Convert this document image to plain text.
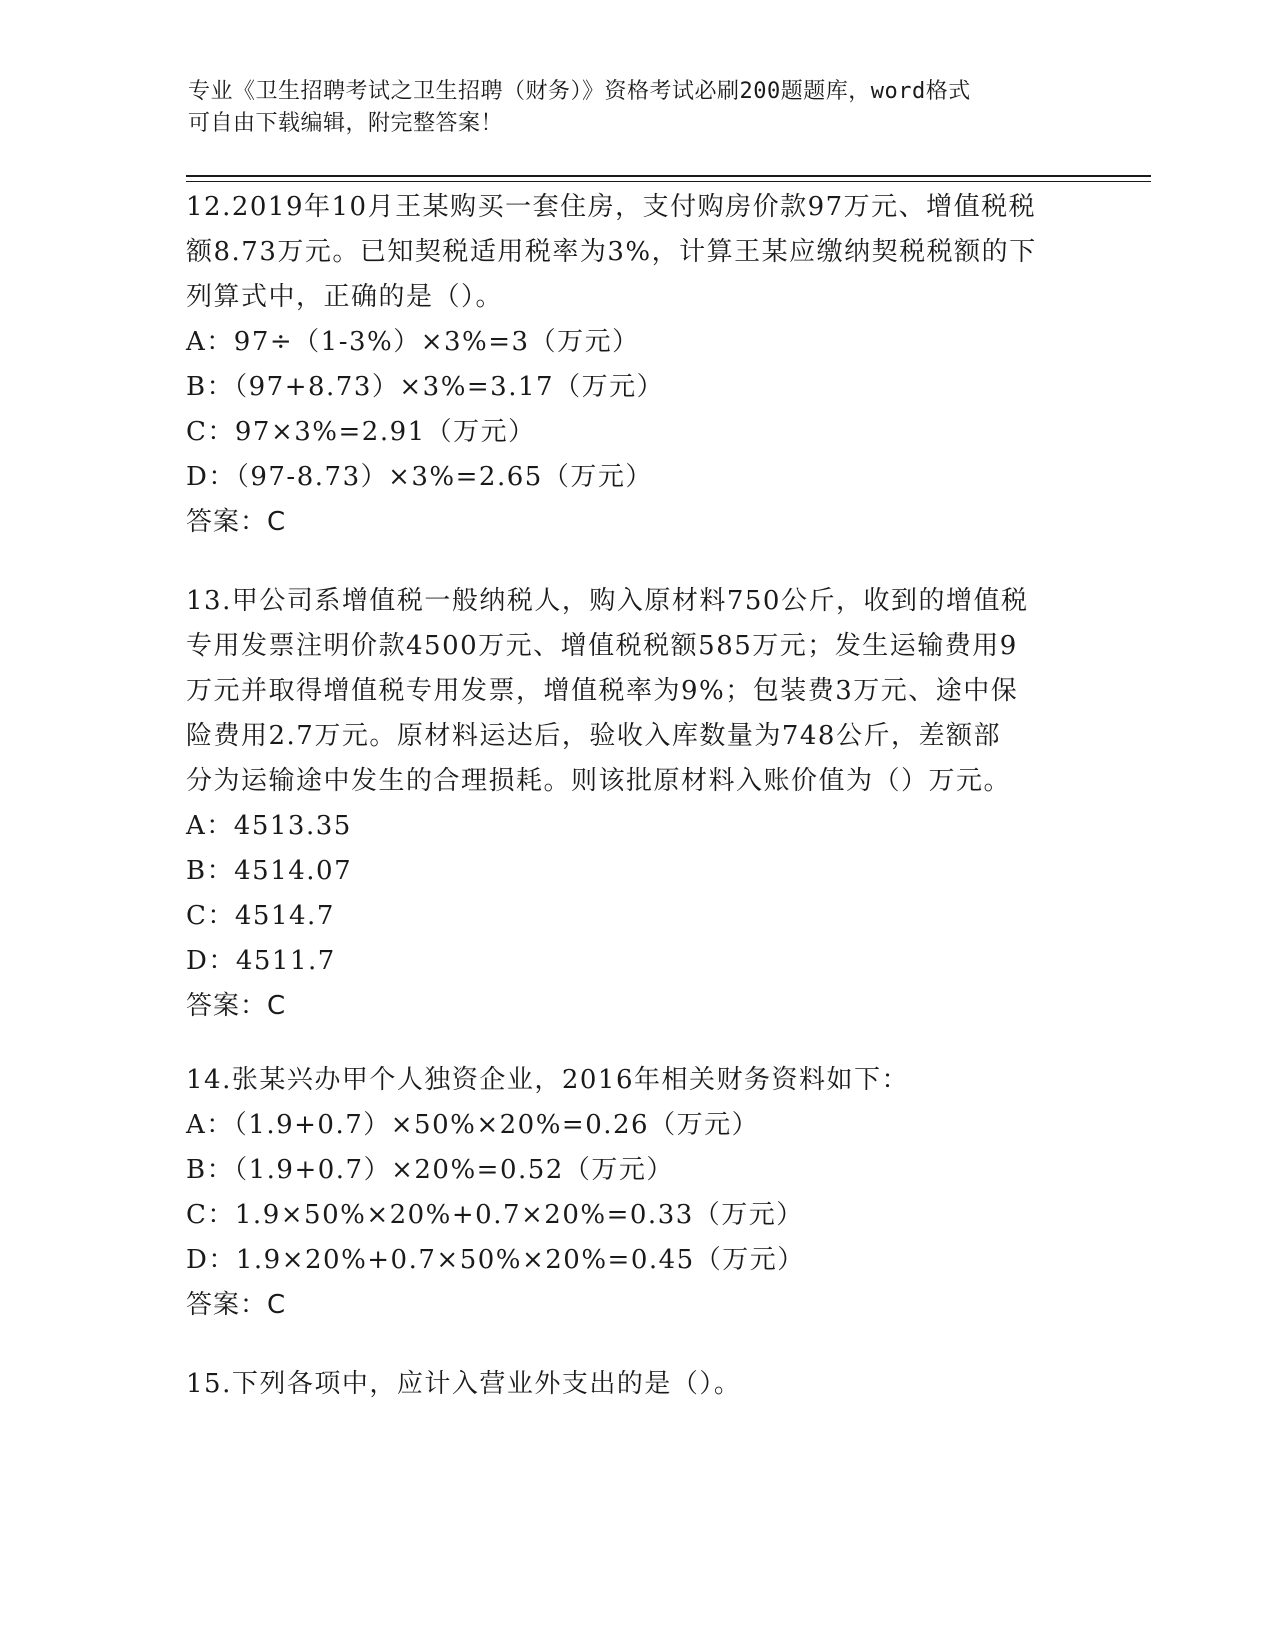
专业《卫生招聘考试之卫生招聘（财务）》资格考试必刷200题题库，word格式
可自由下载编辑，附完整答案！

12.2019年10月王某购买一套住房，支付购房价款97万元、增值税税

额8.73万元。已知契税适用税率为3%，计算王某应缴纳契税税额的下

列算式中，正确的是（）。

A：97÷（1-3%）×3%=3（万元）

B：（97+8.73）×3%=3.17（万元）

C：97×3%=2.91（万元）

D：（97-8.73）×3%=2.65（万元）

答案：C

13.甲公司系增值税一般纳税人，购入原材料750公斤，收到的增值税

专用发票注明价款4500万元、增值税税额585万元；发生运输费用9

万元并取得增值税专用发票，增值税率为9%；包装费3万元、途中保

险费用2.7万元。原材料运达后，验收入库数量为748公斤，差额部

分为运输途中发生的合理损耗。则该批原材料入账价值为（）万元。

A：4513.35

B：4514.07

C：4514.7

D：4511.7

答案：C

14.张某兴办甲个人独资企业，2016年相关财务资料如下：

A：（1.9+0.7）×50%×20%=0.26（万元）

B：（1.9+0.7）×20%=0.52（万元）

C：1.9×50%×20%+0.7×20%=0.33（万元）

D：1.9×20%+0.7×50%×20%=0.45（万元）

答案：C

15.下列各项中，应计入营业外支出的是（）。
